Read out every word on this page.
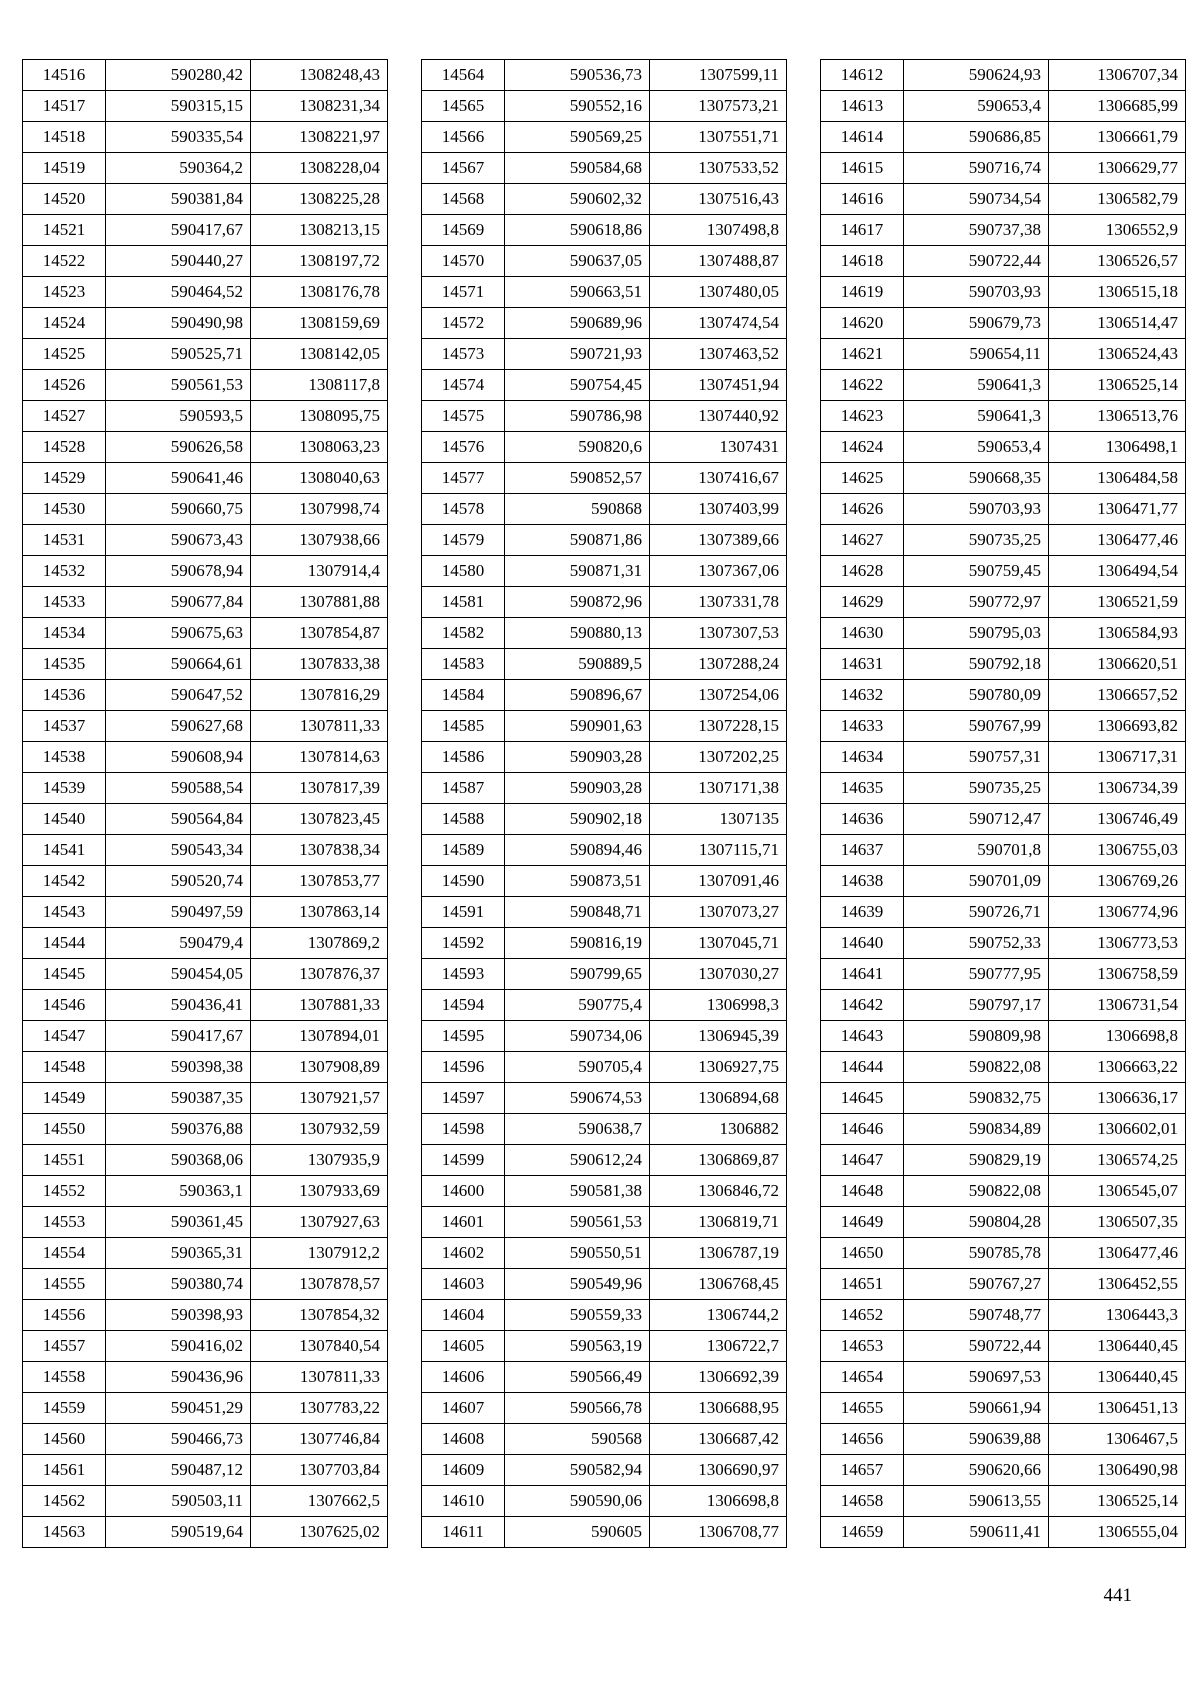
14516	590280,42	1308248,43
14517	590315,15	1308231,34
14518	590335,54	1308221,97
14519	590364,2	1308228,04
14520	590381,84	1308225,28
14521	590417,67	1308213,15
14522	590440,27	1308197,72
14523	590464,52	1308176,78
14524	590490,98	1308159,69
14525	590525,71	1308142,05
14526	590561,53	1308117,8
14527	590593,5	1308095,75
14528	590626,58	1308063,23
14529	590641,46	1308040,63
14530	590660,75	1307998,74
14531	590673,43	1307938,66
14532	590678,94	1307914,4
14533	590677,84	1307881,88
14534	590675,63	1307854,87
14535	590664,61	1307833,38
14536	590647,52	1307816,29
14537	590627,68	1307811,33
14538	590608,94	1307814,63
14539	590588,54	1307817,39
14540	590564,84	1307823,45
14541	590543,34	1307838,34
14542	590520,74	1307853,77
14543	590497,59	1307863,14
14544	590479,4	1307869,2
14545	590454,05	1307876,37
14546	590436,41	1307881,33
14547	590417,67	1307894,01
14548	590398,38	1307908,89
14549	590387,35	1307921,57
14550	590376,88	1307932,59
14551	590368,06	1307935,9
14552	590363,1	1307933,69
14553	590361,45	1307927,63
14554	590365,31	1307912,2
14555	590380,74	1307878,57
14556	590398,93	1307854,32
14557	590416,02	1307840,54
14558	590436,96	1307811,33
14559	590451,29	1307783,22
14560	590466,73	1307746,84
14561	590487,12	1307703,84
14562	590503,11	1307662,5
14563	590519,64	1307625,02
14564	590536,73	1307599,11
14565	590552,16	1307573,21
14566	590569,25	1307551,71
14567	590584,68	1307533,52
14568	590602,32	1307516,43
14569	590618,86	1307498,8
14570	590637,05	1307488,87
14571	590663,51	1307480,05
14572	590689,96	1307474,54
14573	590721,93	1307463,52
14574	590754,45	1307451,94
14575	590786,98	1307440,92
14576	590820,6	1307431
14577	590852,57	1307416,67
14578	590868	1307403,99
14579	590871,86	1307389,66
14580	590871,31	1307367,06
14581	590872,96	1307331,78
14582	590880,13	1307307,53
14583	590889,5	1307288,24
14584	590896,67	1307254,06
14585	590901,63	1307228,15
14586	590903,28	1307202,25
14587	590903,28	1307171,38
14588	590902,18	1307135
14589	590894,46	1307115,71
14590	590873,51	1307091,46
14591	590848,71	1307073,27
14592	590816,19	1307045,71
14593	590799,65	1307030,27
14594	590775,4	1306998,3
14595	590734,06	1306945,39
14596	590705,4	1306927,75
14597	590674,53	1306894,68
14598	590638,7	1306882
14599	590612,24	1306869,87
14600	590581,38	1306846,72
14601	590561,53	1306819,71
14602	590550,51	1306787,19
14603	590549,96	1306768,45
14604	590559,33	1306744,2
14605	590563,19	1306722,7
14606	590566,49	1306692,39
14607	590566,78	1306688,95
14608	590568	1306687,42
14609	590582,94	1306690,97
14610	590590,06	1306698,8
14611	590605	1306708,77
14612	590624,93	1306707,34
14613	590653,4	1306685,99
14614	590686,85	1306661,79
14615	590716,74	1306629,77
14616	590734,54	1306582,79
14617	590737,38	1306552,9
14618	590722,44	1306526,57
14619	590703,93	1306515,18
14620	590679,73	1306514,47
14621	590654,11	1306524,43
14622	590641,3	1306525,14
14623	590641,3	1306513,76
14624	590653,4	1306498,1
14625	590668,35	1306484,58
14626	590703,93	1306471,77
14627	590735,25	1306477,46
14628	590759,45	1306494,54
14629	590772,97	1306521,59
14630	590795,03	1306584,93
14631	590792,18	1306620,51
14632	590780,09	1306657,52
14633	590767,99	1306693,82
14634	590757,31	1306717,31
14635	590735,25	1306734,39
14636	590712,47	1306746,49
14637	590701,8	1306755,03
14638	590701,09	1306769,26
14639	590726,71	1306774,96
14640	590752,33	1306773,53
14641	590777,95	1306758,59
14642	590797,17	1306731,54
14643	590809,98	1306698,8
14644	590822,08	1306663,22
14645	590832,75	1306636,17
14646	590834,89	1306602,01
14647	590829,19	1306574,25
14648	590822,08	1306545,07
14649	590804,28	1306507,35
14650	590785,78	1306477,46
14651	590767,27	1306452,55
14652	590748,77	1306443,3
14653	590722,44	1306440,45
14654	590697,53	1306440,45
14655	590661,94	1306451,13
14656	590639,88	1306467,5
14657	590620,66	1306490,98
14658	590613,55	1306525,14
14659	590611,41	1306555,04
441
